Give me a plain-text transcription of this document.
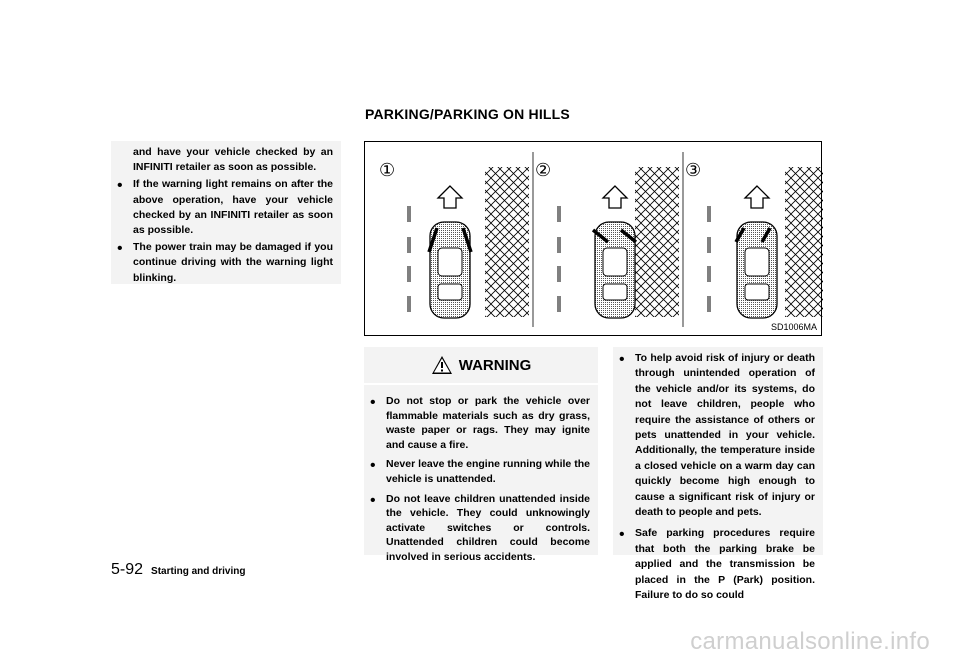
and have your vehicle checked by an INFINITI retailer as soon as possible.

• If the warning light remains on after the above operation, have your vehicle checked by an INFINITI retailer as soon as possible.

• The power train may be damaged if you continue driving with the warning light blinking.

PARKING/PARKING ON HILLS
①	②	③
SD1006MA
WARNING
• Do not stop or park the vehicle over flammable materials such as dry grass, waste paper or rags. They may ignite and cause a fire.

• Never leave the engine running while the vehicle is unattended.

• Do not leave children unattended inside the vehicle. They could unknowingly activate switches or controls. Unattended children could become involved in serious accidents.

• To help avoid risk of injury or death through unintended operation of the vehicle and/or its systems, do not leave children, people who require the assistance of others or pets unattended in your vehicle. Additionally, the temperature inside a closed vehicle on a warm day can quickly become high enough to cause a significant risk of injury or death to people and pets.

• Safe parking procedures require that both the parking brake be applied and the transmission be placed in the P (Park) position. Failure to do so could

5-92 Starting and driving
carmanualsonline.info
